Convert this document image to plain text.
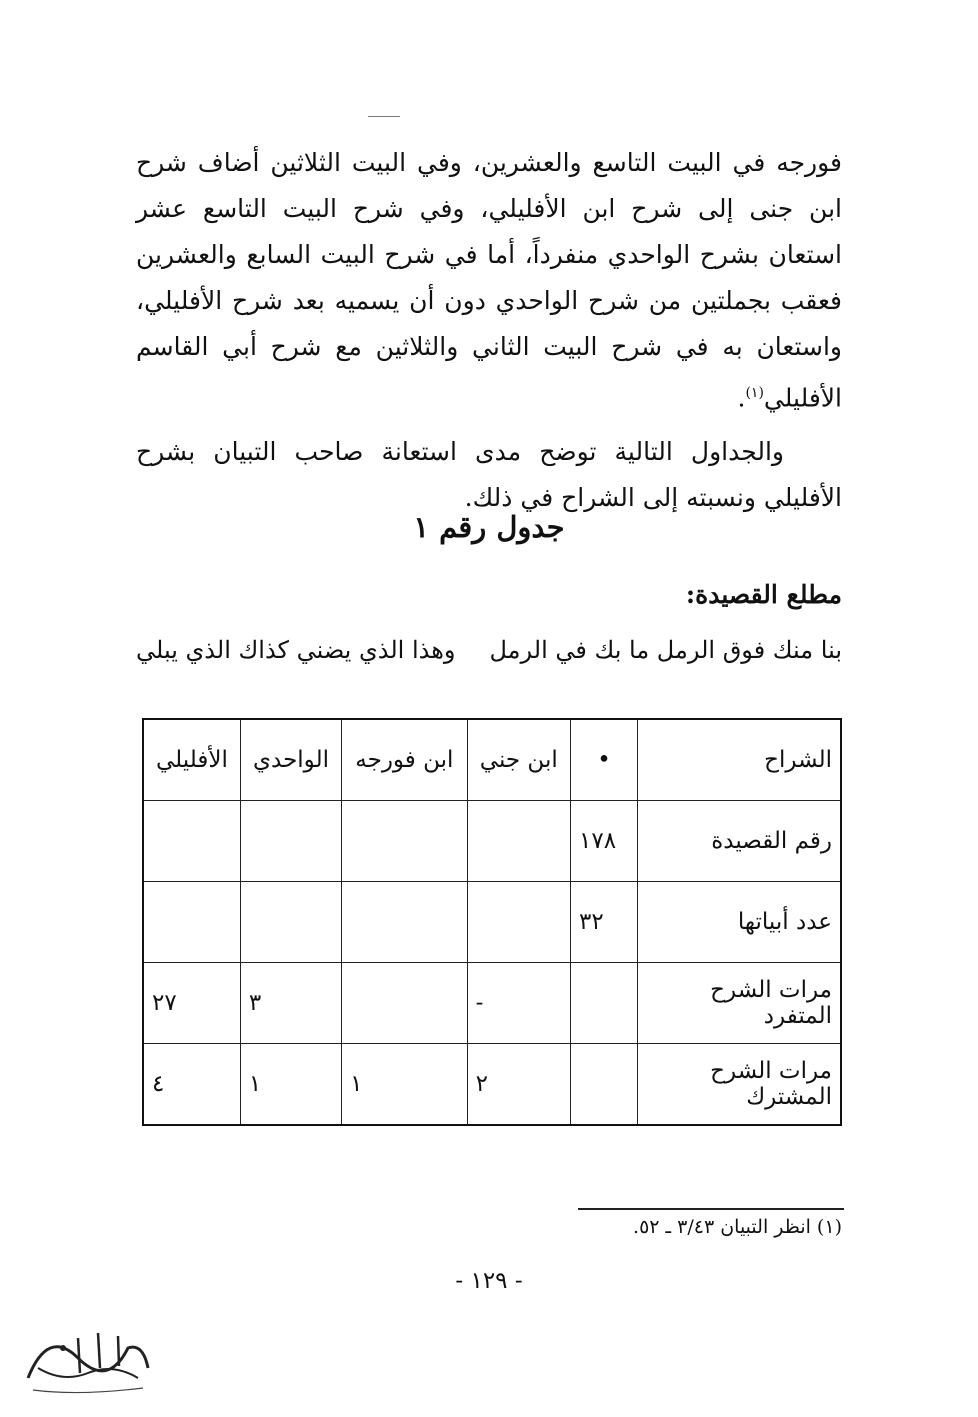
فورجه في البيت التاسع والعشرين، وفي البيت الثلاثين أضاف شرح ابن جنى إلى شرح ابن الأفليلي، وفي شرح البيت التاسع عشر استعان بشرح الواحدي منفرداً، أما في شرح البيت السابع والعشرين فعقب بجملتين من شرح الواحدي دون أن يسميه بعد شرح الأفليلي، واستعان به في شرح البيت الثاني والثلاثين مع شرح أبي القاسم الأفليلي$^{(١)}$.

والجداول التالية توضح مدى استعانة صاحب التبيان بشرح الأفليلي ونسبته إلى الشراح في ذلك.

جدول رقم ١
مطلع القصيدة:
بنا منك فوق الرمل ما بك في الرمل
وهذا الذي يضني كذاك الذي يبلي
الشراح	•	ابن جني	ابن فورجه	الواحدي	الأفليلي
رقم القصيدة	١٧٨				
عدد أبياتها	٣٢				
مرات الشرح المتفرد		-		٣	٢٧
مرات الشرح المشترك		٢	١	١	٤
(١) انظر التبيان ٣/٤٣ ـ ٥٢.
- ١٢٩ -
